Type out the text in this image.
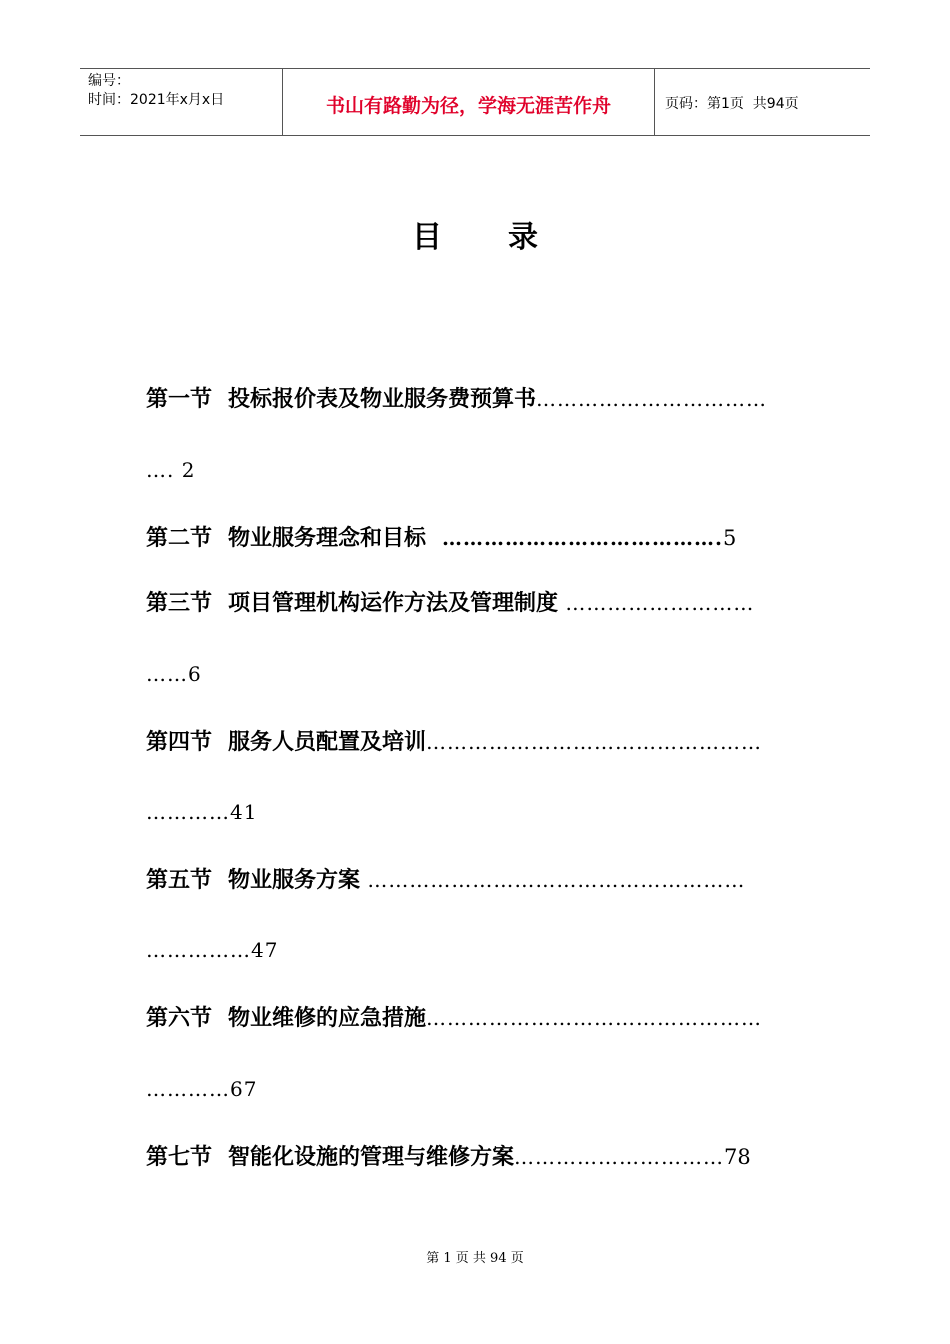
编号：
时间：2021年x月x日	书山有路勤为径，学海无涯苦作舟	页码：第1页  共94页
目录
第一节 投标报价表及物业服务费预算书……………………………
…. 2
第二节 物业服务理念和目标 ………………………………….5
第三节 项目管理机构运作方法及管理制度 ………………………
……6
第四节 服务人员配置及培训…………………………………………
…………41
第五节 物业服务方案 ………………………………………………
……………47
第六节 物业维修的应急措施…………………………………………
…………67
第七节 智能化设施的管理与维修方案…………………………78
第 1 页 共 94 页
